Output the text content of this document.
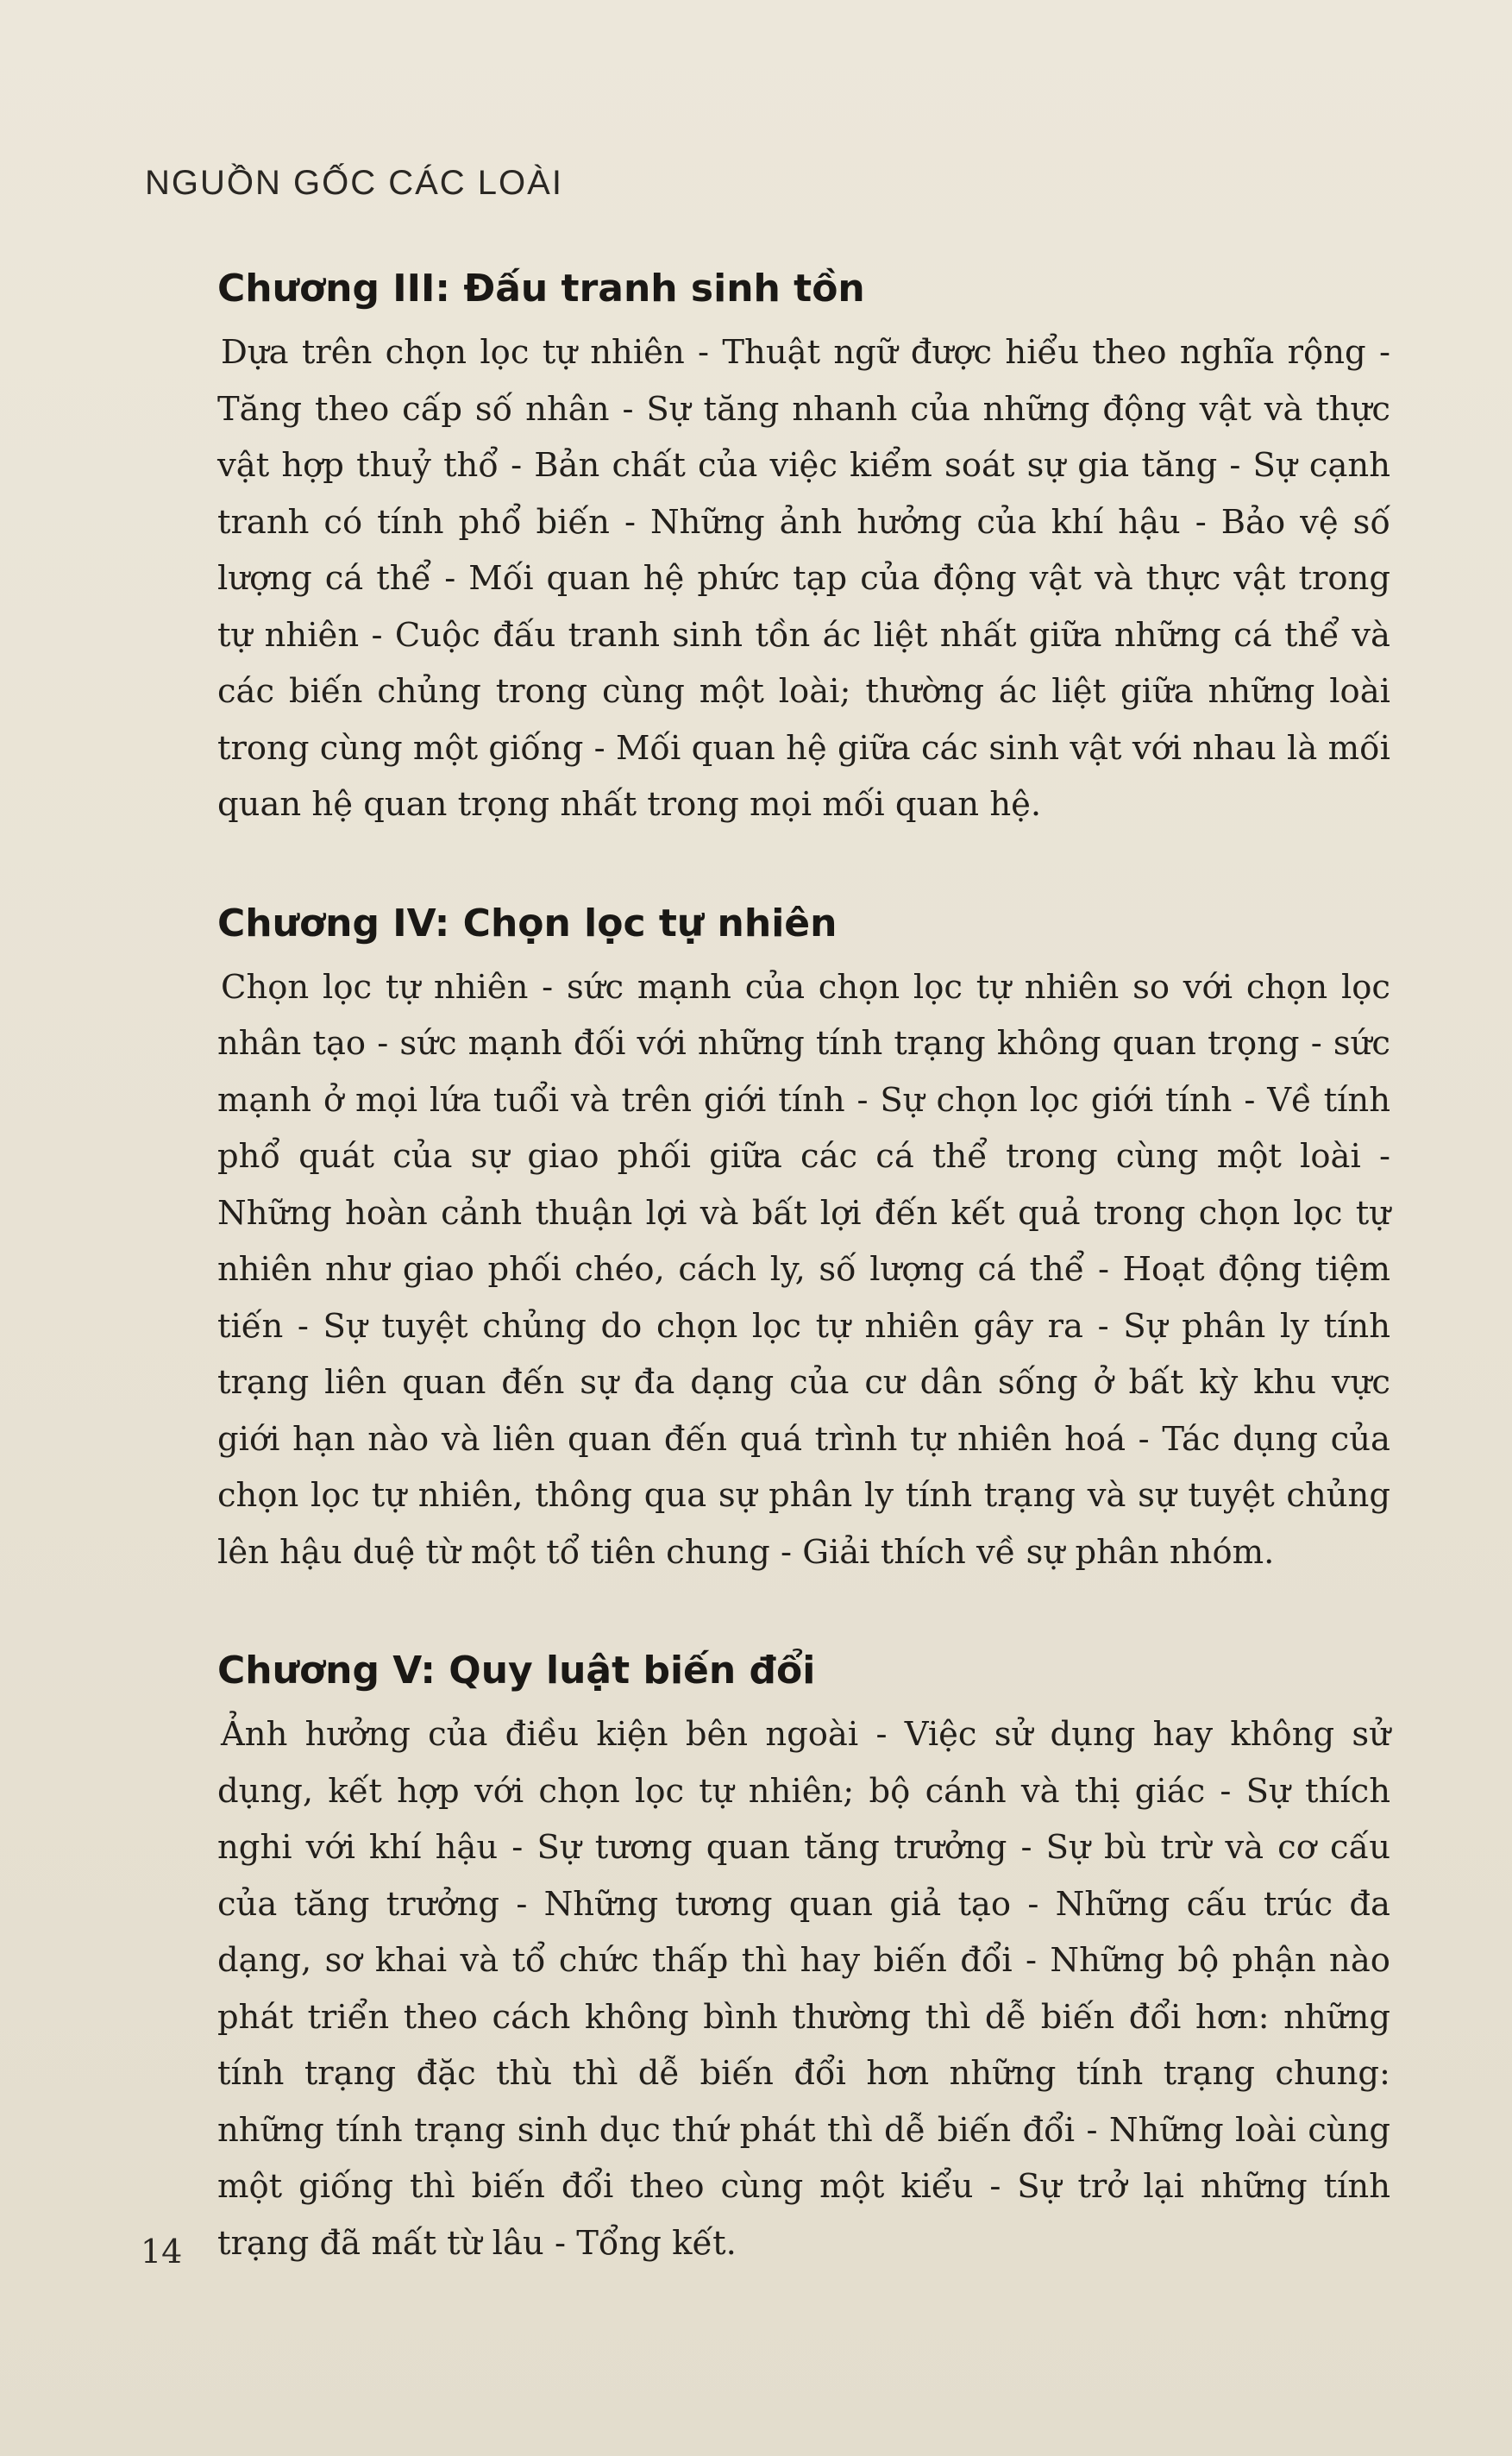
NGUỒN GỐC CÁC LOÀI

Chương III: Đấu tranh sinh tồn

Dựa trên chọn lọc tự nhiên - Thuật ngữ được hiểu theo nghĩa rộng - Tăng theo cấp số nhân - Sự tăng nhanh của những động vật và thực vật hợp thuỷ thổ - Bản chất của việc kiểm soát sự gia tăng - Sự cạnh tranh có tính phổ biến - Những ảnh hưởng của khí hậu - Bảo vệ số lượng cá thể - Mối quan hệ phức tạp của động vật và thực vật trong tự nhiên - Cuộc đấu tranh sinh tồn ác liệt nhất giữa những cá thể và các biến chủng trong cùng một loài; thường ác liệt giữa những loài trong cùng một giống - Mối quan hệ giữa các sinh vật với nhau là mối quan hệ quan trọng nhất trong mọi mối quan hệ.

Chương IV: Chọn lọc tự nhiên

Chọn lọc tự nhiên - sức mạnh của chọn lọc tự nhiên so với chọn lọc nhân tạo - sức mạnh đối với những tính trạng không quan trọng - sức mạnh ở mọi lứa tuổi và trên giới tính - Sự chọn lọc giới tính - Về tính phổ quát của sự giao phối giữa các cá thể trong cùng một loài - Những hoàn cảnh thuận lợi và bất lợi đến kết quả trong chọn lọc tự nhiên như giao phối chéo, cách ly, số lượng cá thể - Hoạt động tiệm tiến - Sự tuyệt chủng do chọn lọc tự nhiên gây ra - Sự phân ly tính trạng liên quan đến sự đa dạng của cư dân sống ở bất kỳ khu vực giới hạn nào và liên quan đến quá trình tự nhiên hoá - Tác dụng của chọn lọc tự nhiên, thông qua sự phân ly tính trạng và sự tuyệt chủng lên hậu duệ từ một tổ tiên chung - Giải thích về sự phân nhóm.

Chương V: Quy luật biến đổi

Ảnh hưởng của điều kiện bên ngoài - Việc sử dụng hay không sử dụng, kết hợp với chọn lọc tự nhiên; bộ cánh và thị giác - Sự thích nghi với khí hậu - Sự tương quan tăng trưởng - Sự bù trừ và cơ cấu của tăng trưởng - Những tương quan giả tạo - Những cấu trúc đa dạng, sơ khai và tổ chức thấp thì hay biến đổi - Những bộ phận nào phát triển theo cách không bình thường thì dễ biến đổi hơn: những tính trạng đặc thù thì dễ biến đổi hơn những tính trạng chung: những tính trạng sinh dục thứ phát thì dễ biến đổi - Những loài cùng một giống thì biến đổi theo cùng một kiểu - Sự trở lại những tính trạng đã mất từ lâu - Tổng kết.

14
